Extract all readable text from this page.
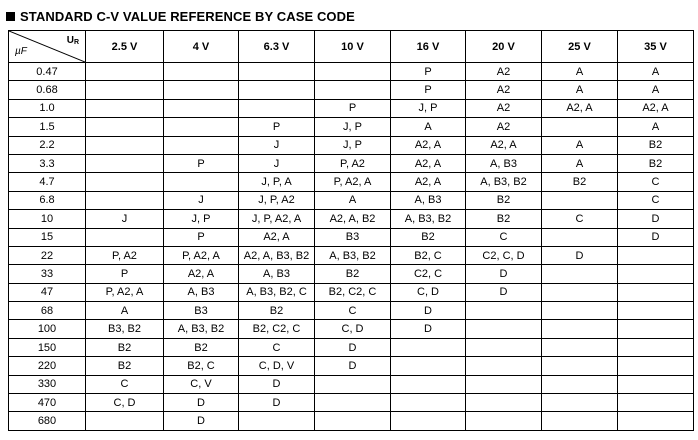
STANDARD C-V VALUE REFERENCE BY CASE CODE
$U_R$
µF	2.5 V	4 V	6.3 V	10 V	16 V	20 V	25 V	35 V
0.47					P	A2	A	A
0.68					P	A2	A	A
1.0				P	J, P	A2	A2, A	A2, A
1.5			P	J, P	A	A2		A
2.2			J	J, P	A2, A	A2, A	A	B2
3.3		P	J	P, A2	A2, A	A, B3	A	B2
4.7			J, P, A	P, A2, A	A2, A	A, B3, B2	B2	C
6.8		J	J, P, A2	A	A, B3	B2		C
10	J	J, P	J, P, A2, A	A2, A, B2	A, B3, B2	B2	C	D
15		P	A2, A	B3	B2	C		D
22	P, A2	P, A2, A	A2, A, B3, B2	A, B3, B2	B2, C	C2, C, D	D	
33	P	A2, A	A, B3	B2	C2, C	D		
47	P, A2, A	A, B3	A, B3, B2, C	B2, C2, C	C, D	D		
68	A	B3	B2	C	D			
100	B3, B2	A, B3, B2	B2, C2, C	C, D	D			
150	B2	B2	C	D				
220	B2	B2, C	C, D, V	D				
330	C	C, V	D					
470	C, D	D	D					
680		D						
